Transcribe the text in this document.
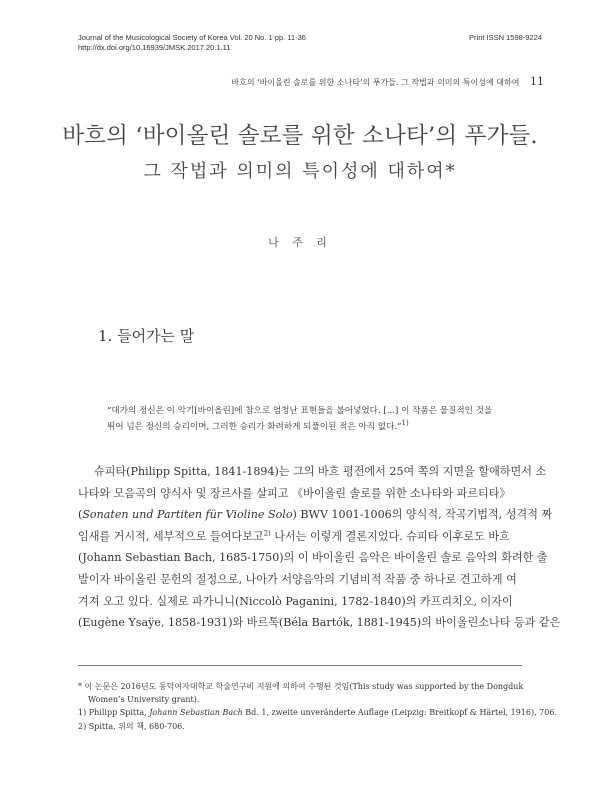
Journal of the Musicological Society of Korea Vol. 20 No. 1 pp. 11-36
http://dx.doi.org/10.16939/JMSK.2017.20.1.11
Print ISSN 1598-9224
바흐의 ‘바이올린 솔로를 위한 소나타’의 푸가들. 그 작법과 의미의 특이성에 대하여 11
바흐의 ‘바이올린 솔로를 위한 소나타’의 푸가들.
그 작법과 의미의 특이성에 대하여*
나 주 리
1. 들어가는 말

“대가의 정신은 이 악기[바이올린]에 참으로 엄청난 표현들을 불어넣었다. [...] 이 작품은 물질적인 것을

뛰어 넘은 정신의 승리이며, 그러한 승리가 화려하게 되풀이된 적은 아직 없다.”$^{1)}$

슈피타(Philipp Spitta, 1841-1894)는 그의 바흐 평전에서 25여 쪽의 지면을 할애하면서 소

나타와 모음곡의 양식사 및 장르사를 살피고 《바이올린 솔로를 위한 소나타와 파르티타》

(Sonaten und Partiten für Violine Solo) BWV 1001-1006의 양식적, 작곡기법적, 성격적 짜

임새를 거시적, 세부적으로 들여다보고$^{2)}$ 나서는 이렇게 결론지었다. 슈피타 이후로도 바흐

(Johann Sebastian Bach, 1685-1750)의 이 바이올린 음악은 바이올린 솔로 음악의 화려한 출

발이자 바이올린 문헌의 절정으로, 나아가 서양음악의 기념비적 작품 중 하나로 견고하게 여

겨져 오고 있다. 실제로 파가니니(Niccolò Paganini, 1782-1840)의 카프리치오, 이자이

(Eugène Ysaÿe, 1858-1931)와 바르톡(Béla Bartók, 1881-1945)의 바이올린소나타 등과 같은

* 이 논문은 2016년도 동덕여자대학교 학술연구비 지원에 의하여 수행된 것임(This study was supported by the Dongduk

Women’s University grant).

1) Philipp Spitta, Johann Sebastian Bach Bd. 1, zweite unveränderte Auflage (Leipzig: Breitkopf & Härtel, 1916), 706.

2) Spitta, 위의 책, 680-706.
